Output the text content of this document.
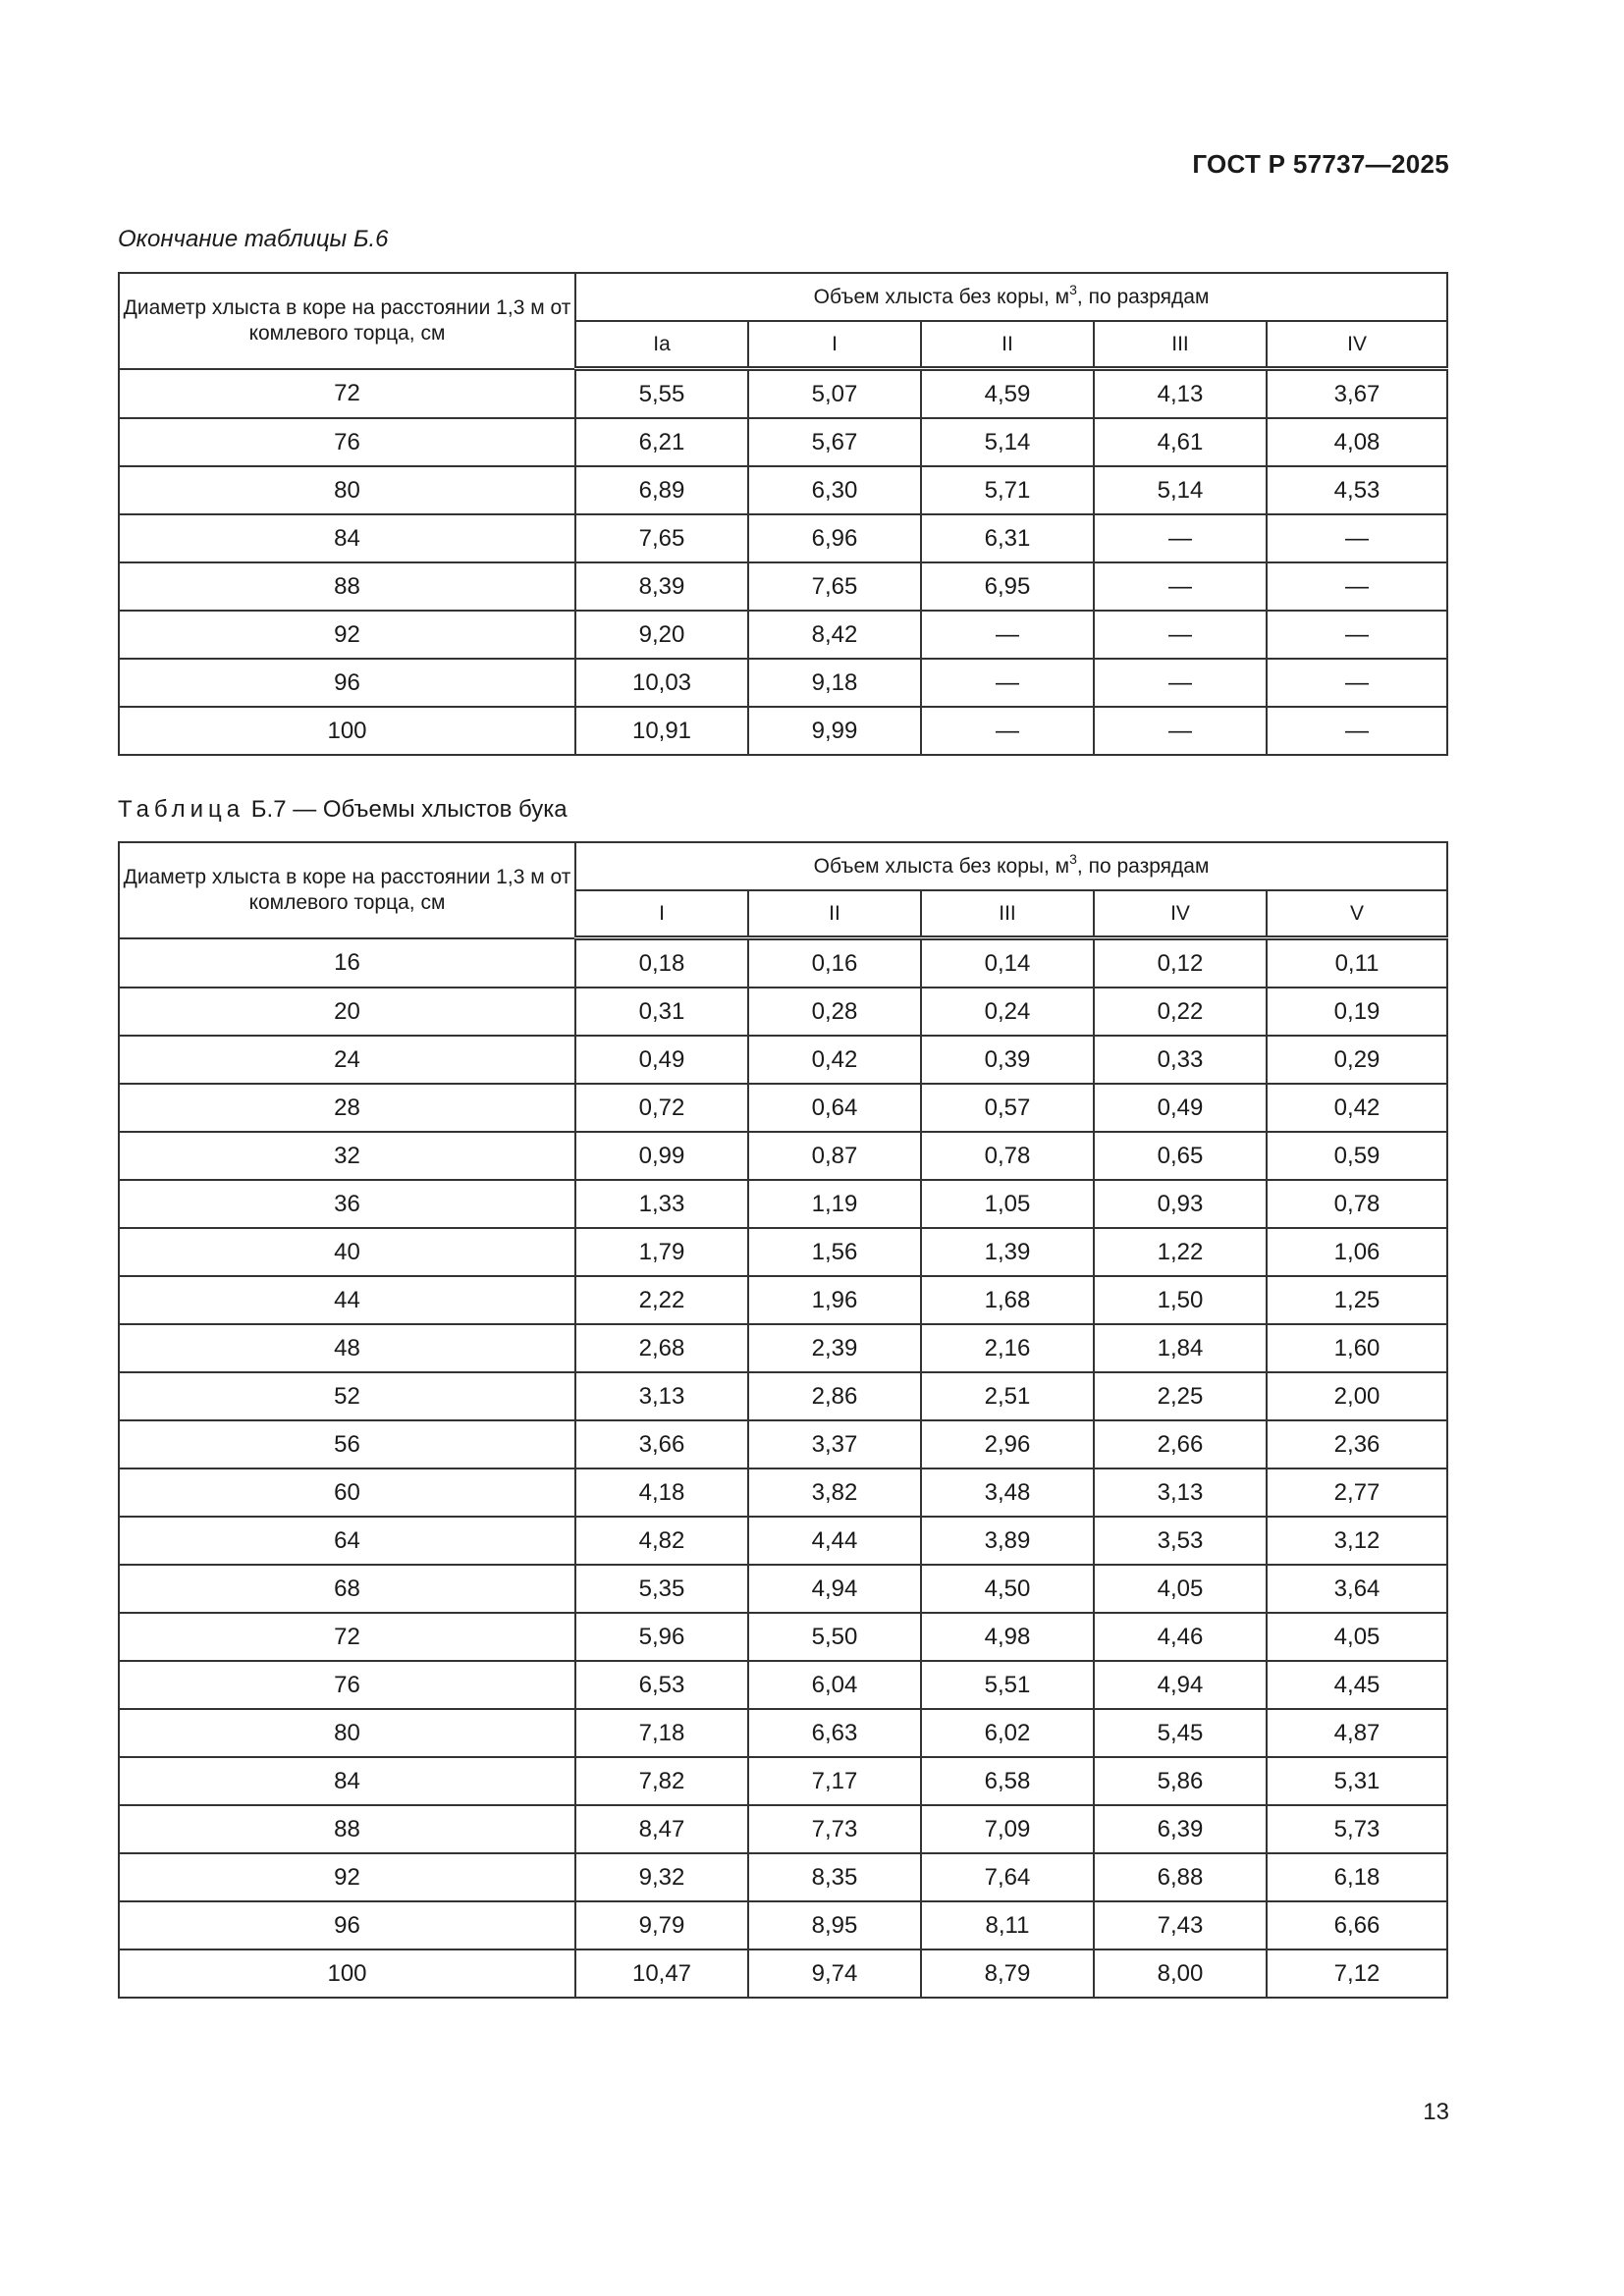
ГОСТ Р 57737—2025
Окончание таблицы Б.6
Диаметр хлыста в коре на расстоянии 1,3 м от комлевого торца, см	Объем хлыста без коры, $м^3$, по разрядам				
	Ia	I	II	III	IV
72	5,55	5,07	4,59	4,13	3,67
76	6,21	5,67	5,14	4,61	4,08
80	6,89	6,30	5,71	5,14	4,53
84	7,65	6,96	6,31	—	—
88	8,39	7,65	6,95	—	—
92	9,20	8,42	—	—	—
96	10,03	9,18	—	—	—
100	10,91	9,99	—	—	—
Таблица Б.7 — Объемы хлыстов бука
Диаметр хлыста в коре на расстоянии 1,3 м от комлевого торца, см	Объем хлыста без коры, $м^3$, по разрядам				
	I	II	III	IV	V
16	0,18	0,16	0,14	0,12	0,11
20	0,31	0,28	0,24	0,22	0,19
24	0,49	0,42	0,39	0,33	0,29
28	0,72	0,64	0,57	0,49	0,42
32	0,99	0,87	0,78	0,65	0,59
36	1,33	1,19	1,05	0,93	0,78
40	1,79	1,56	1,39	1,22	1,06
44	2,22	1,96	1,68	1,50	1,25
48	2,68	2,39	2,16	1,84	1,60
52	3,13	2,86	2,51	2,25	2,00
56	3,66	3,37	2,96	2,66	2,36
60	4,18	3,82	3,48	3,13	2,77
64	4,82	4,44	3,89	3,53	3,12
68	5,35	4,94	4,50	4,05	3,64
72	5,96	5,50	4,98	4,46	4,05
76	6,53	6,04	5,51	4,94	4,45
80	7,18	6,63	6,02	5,45	4,87
84	7,82	7,17	6,58	5,86	5,31
88	8,47	7,73	7,09	6,39	5,73
92	9,32	8,35	7,64	6,88	6,18
96	9,79	8,95	8,11	7,43	6,66
100	10,47	9,74	8,79	8,00	7,12
13
